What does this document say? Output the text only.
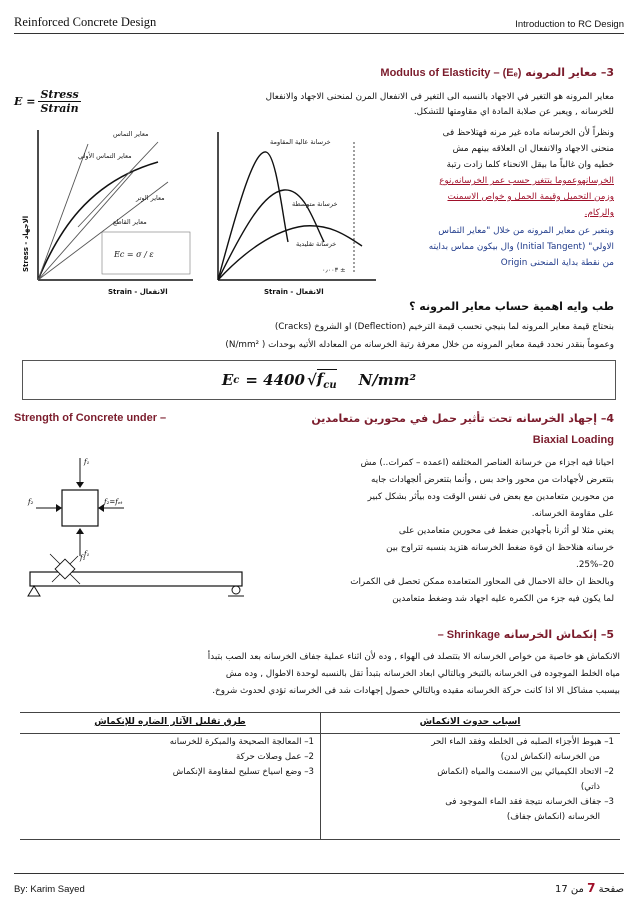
Reinforced Concrete Design	Introduction to RC Design
3– معاير المرونه Modulus of Elasticity – (Eₑ)
معاير المرونه هو التغير في الاجهاد بالنسبه الى التغير فى الانفعال المرن لمنحنى الاجهاد والانفعال
للخرسانه , ويعبر عن صلابة المادة اي مقاومتها للتشكل.
E =
Stress
Strain
معاير التماس
معاير التماس الأولي
معاير الوتر
معاير القاطع
Strain - الانفعال
Stress - الاجهاد
Ec = σ / ε
خرسانة عالية المقاومة
خرسانة متوسطة
خرسانة تقليدية
٠٫٠٠٣ ±
Strain - الانفعال
ونظراً لأن الخرسانه ماده غير مرنه فهتلاحظ فى
منحنى الاجهاد والانفعال ان العلاقه بينهم مش
خطيه وان غالباً ما بيقل الانحناء كلما زادت رتبة
الخرسانهوعموما بتتغير حسب عمر الخرسانه,نوع
وزمن التحميل وقيمة الحمل و خواص الاسمنت
والركام.
وبتعبر عن معاير المرونه من خلال "معاير التماس
الاولي" (Initial Tangent) وال بيكون مماس بدايته
من نقطة بداية المنحنى Origin
طب وايه اهمية حساب معاير المرونه ؟
بنحتاج قيمة معاير المرونه لما بنيجي نحسب قيمة الترخيم (Deflection) او الشروخ (Cracks)
وعموماً بنقدر نحدد قيمة معاير المرونه من خلال معرفة رتبة الخرسانه من المعادله الأتيه بوحدات ( N/mm²)
E c = 4400 √ $f_{cu}$ N/mm²
Strength of Concrete under –	4– إجهاد الخرسانه تحت تأثير حمل في محورين متعامدين
Biaxial Loading
احيانا فيه اجزاء من خرسانة العناصر المختلفه (اعمده – كمرات..) مش
بتتعرض لأجهادات من محور واحد بس , وأنما بتتعرض ألجهادات جايه
من محورين متعامدين مع بعض فى نفس الوقت وده بيأثر بشكل كبير
على مقاومة الخرسانه.
يعني مثلا لو أثرنا بأجهادين ضغط فى محورين متعامدين على
خرسانه هنلاحظ ان قوة ضغط الخرسانه هتزيد بنسبه تتراوح بين
20–25%.
وبالحظ ان حالة الاحمال فى المحاور المتعامده ممكن تحصل فى الكمرات
لما يكون فيه جزء من الكمره عليه اجهاد شد وضغط متعامدين
f₁
f₂	f₂=fₑₜ
f₁
f₁
5– إنكماش الخرسانه Shrinkage –
الانكماش هو خاصية من خواص الخرسانه الا بتتصلد فى الهواء , وده لأن اثناء عملية جفاف الخرسانه بعد الصب بتبدأ
مياه الخلط الموجوده فى الخرسانه بالتبخر وبالتالي ابعاد الخرسانه بتبدأ تقل بالنسبه لوحدة الاطوال , وده مش
بيسبب مشاكل الا اذا كانت حركة الخرسانه مقيده وبالتالي حصول إجهادات شد فى الخرسانه تؤدي لحدوث شروخ.
اسباب حدوث الانكماش
1– هبوط الأجزاء الصلبه فى الخلطه وفقد الماء الحر
من الخرسانه (انكماش لدن)
2– الاتحاد الكيميائي بين الاسمنت والمياه (انكماش
ذاتي)
3– جفاف الخرسانه نتيجة فقد الماء الموجود فى
الخرسانه (انكماش جفاف)
طرق تقليل الآثار الضاره للإنكماش
1– المعالجة الصحيحة والمبكرة للخرسانه
2– عمل وصلات حركة
3– وضع اسياخ تسليح لمقاومة الإنكماش
By: Karim Sayed	صفحة 7 من 17
